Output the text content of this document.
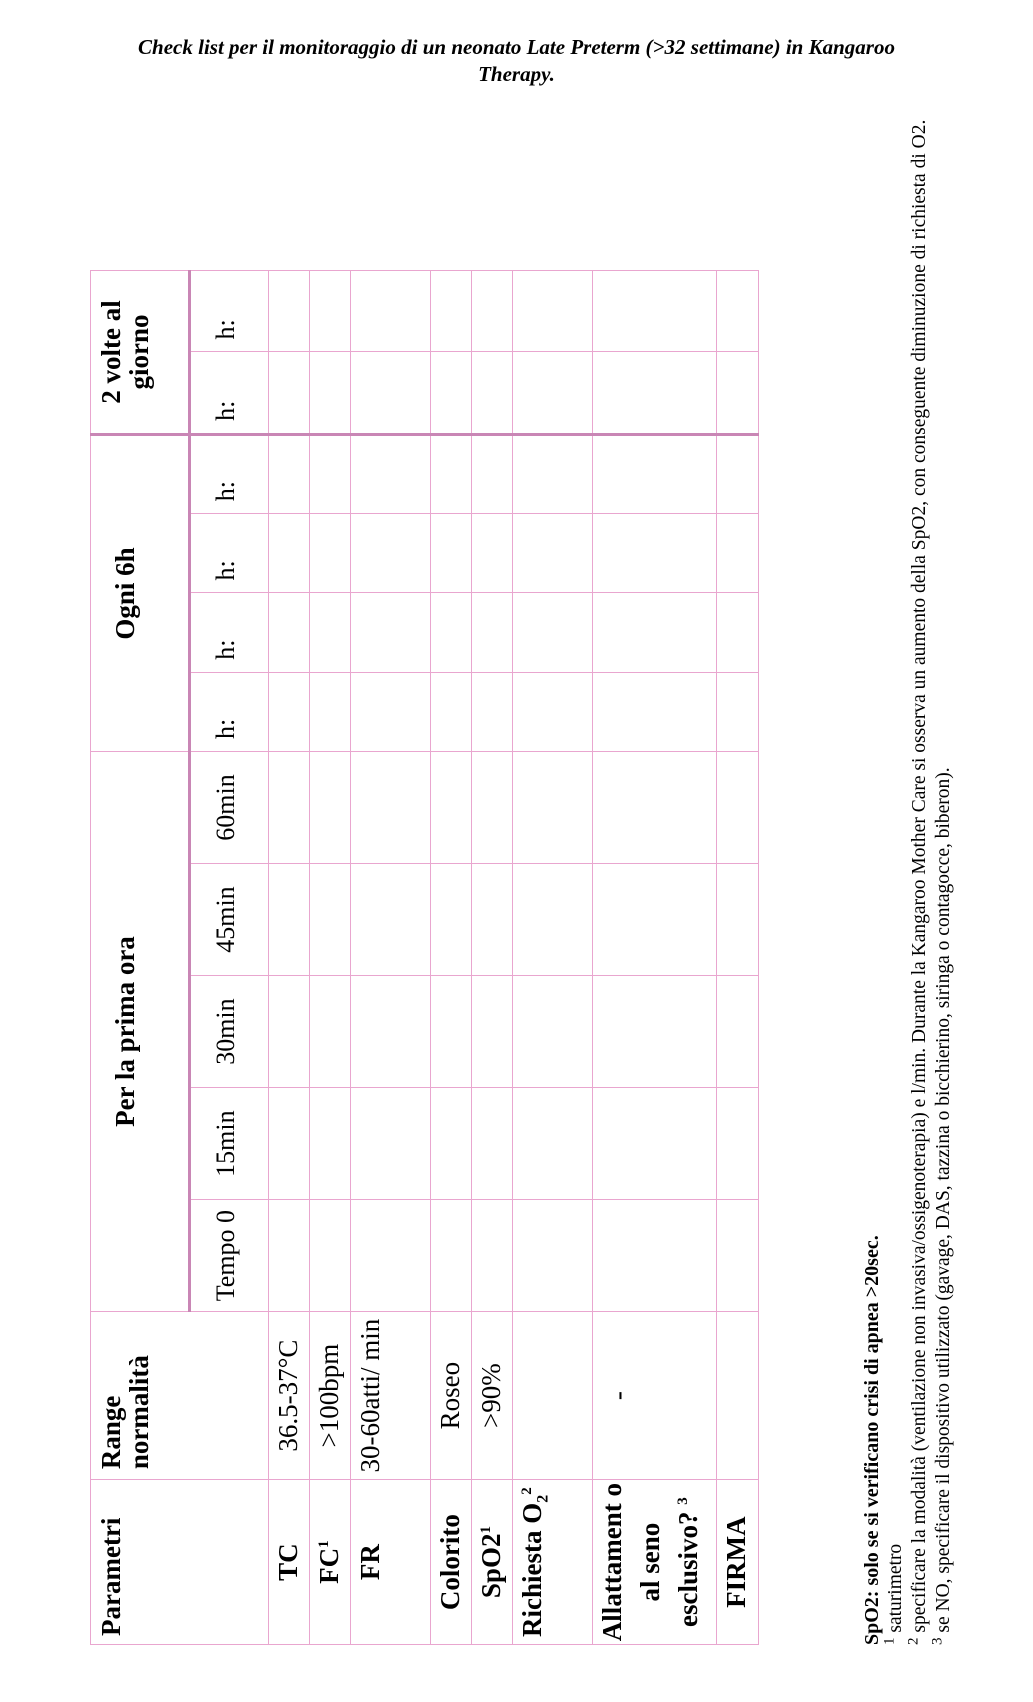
Check list per il monitoraggio di un neonato Late Preterm (>32 settimane) in Kangaroo
Therapy.
Parametri	Range normalità	Per la prima ora					Ogni 6h				2 volte al giorno	
		Tempo 0	15min	30min	45min	60min	h:	h:	h:	h:	h:	h:
TC	36.5-37°C											
$FC^1$	>100bpm											
FR	30-60atti/ min											
Colorito	Roseo											
$SpO2^1$	>90%											
Richiesta $O_2^2$												
Allattament o al seno esclusivo? $^3$	-											
FIRMA												
SpO2: solo se si verificano crisi di apnea >20sec.
$^1$ saturimetro
$^2$ specificare la modalità (ventilazione non invasiva/ossigenoterapia) e l/min. Durante la Kangaroo Mother Care si osserva un aumento della SpO2, con conseguente diminuzione di richiesta di O2.
$^3$ se NO, specificare il dispositivo utilizzato (gavage, DAS, tazzina o bicchierino, siringa o contagocce, biberon).
